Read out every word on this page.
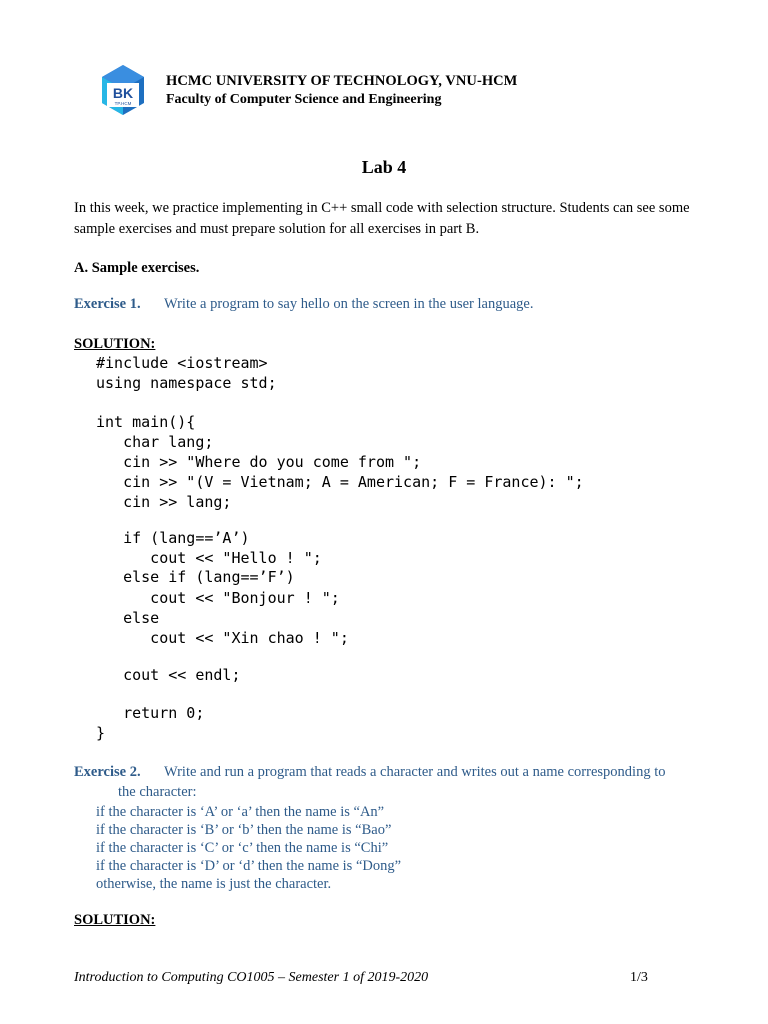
BK
TP.HCM
HCMC UNIVERSITY OF TECHNOLOGY, VNU-HCM
Faculty of Computer Science and Engineering
Lab 4
In this week, we practice implementing in C++ small code with selection structure. Students can see some sample exercises and must prepare solution for all exercises in part B.
A. Sample exercises.
Exercise 1. Write a program to say hello on the screen in the user language.
SOLUTION:
#include <iostream>
using namespace std;
int main(){
char lang;
cin >> "Where do you come from ";
cin >> "(V = Vietnam; A = American; F = France): ";
cin >> lang;
if (lang==’A’)
cout << "Hello ! ";
else if (lang==’F’)
cout << "Bonjour ! ";
else
cout << "Xin chao ! ";
cout << endl;
return 0;
}
Exercise 2. Write and run a program that reads a character and writes out a name corresponding to
the character:
if the character is ‘A’ or ‘a’ then the name is “An”
if the character is ‘B’ or ‘b’ then the name is “Bao”
if the character is ‘C’ or ‘c’ then the name is “Chi”
if the character is ‘D’ or ‘d’ then the name is “Dong”
otherwise, the name is just the character.
SOLUTION:
Introduction to Computing CO1005 – Semester 1 of 2019-2020	1/3
